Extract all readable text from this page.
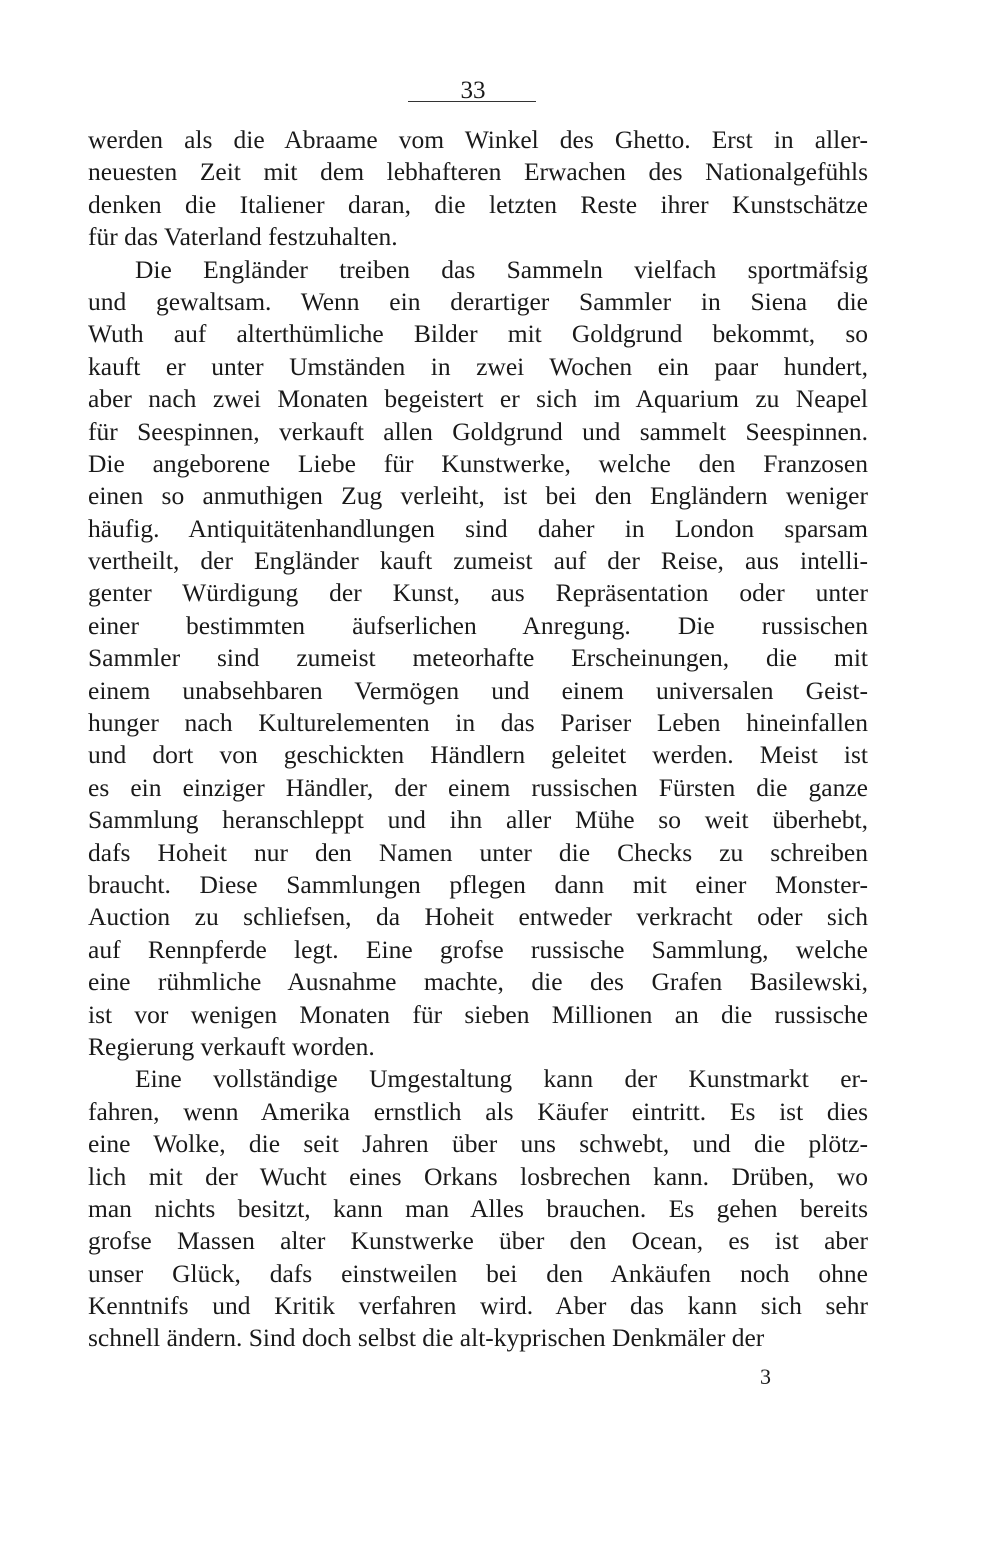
33
werden als die Abraame vom Winkel des Ghetto. Erst in aller-
neuesten Zeit mit dem lebhafteren Erwachen des Nationalgefühls
denken die Italiener daran, die letzten Reste ihrer Kunstschätze
für das Vaterland festzuhalten.
Die Engländer treiben das Sammeln vielfach sportmäfsig
und gewaltsam. Wenn ein derartiger Sammler in Siena die
Wuth auf alterthümliche Bilder mit Goldgrund bekommt, so
kauft er unter Umständen in zwei Wochen ein paar hundert,
aber nach zwei Monaten begeistert er sich im Aquarium zu Neapel
für Seespinnen, verkauft allen Goldgrund und sammelt Seespinnen.
Die angeborene Liebe für Kunstwerke, welche den Franzosen
einen so anmuthigen Zug verleiht, ist bei den Engländern weniger
häufig. Antiquitätenhandlungen sind daher in London sparsam
vertheilt, der Engländer kauft zumeist auf der Reise, aus intelli-
genter Würdigung der Kunst, aus Repräsentation oder unter
einer bestimmten äufserlichen Anregung. Die russischen
Sammler sind zumeist meteorhafte Erscheinungen, die mit
einem unabsehbaren Vermögen und einem universalen Geist-
hunger nach Kulturelementen in das Pariser Leben hineinfallen
und dort von geschickten Händlern geleitet werden. Meist ist
es ein einziger Händler, der einem russischen Fürsten die ganze
Sammlung heranschleppt und ihn aller Mühe so weit überhebt,
dafs Hoheit nur den Namen unter die Checks zu schreiben
braucht. Diese Sammlungen pflegen dann mit einer Monster-
Auction zu schliefsen, da Hoheit entweder verkracht oder sich
auf Rennpferde legt. Eine grofse russische Sammlung, welche
eine rühmliche Ausnahme machte, die des Grafen Basilewski,
ist vor wenigen Monaten für sieben Millionen an die russische
Regierung verkauft worden.
Eine vollständige Umgestaltung kann der Kunstmarkt er-
fahren, wenn Amerika ernstlich als Käufer eintritt. Es ist dies
eine Wolke, die seit Jahren über uns schwebt, und die plötz-
lich mit der Wucht eines Orkans losbrechen kann. Drüben, wo
man nichts besitzt, kann man Alles brauchen. Es gehen bereits
grofse Massen alter Kunstwerke über den Ocean, es ist aber
unser Glück, dafs einstweilen bei den Ankäufen noch ohne
Kenntnifs und Kritik verfahren wird. Aber das kann sich sehr
schnell ändern. Sind doch selbst die alt-kyprischen Denkmäler der
3
